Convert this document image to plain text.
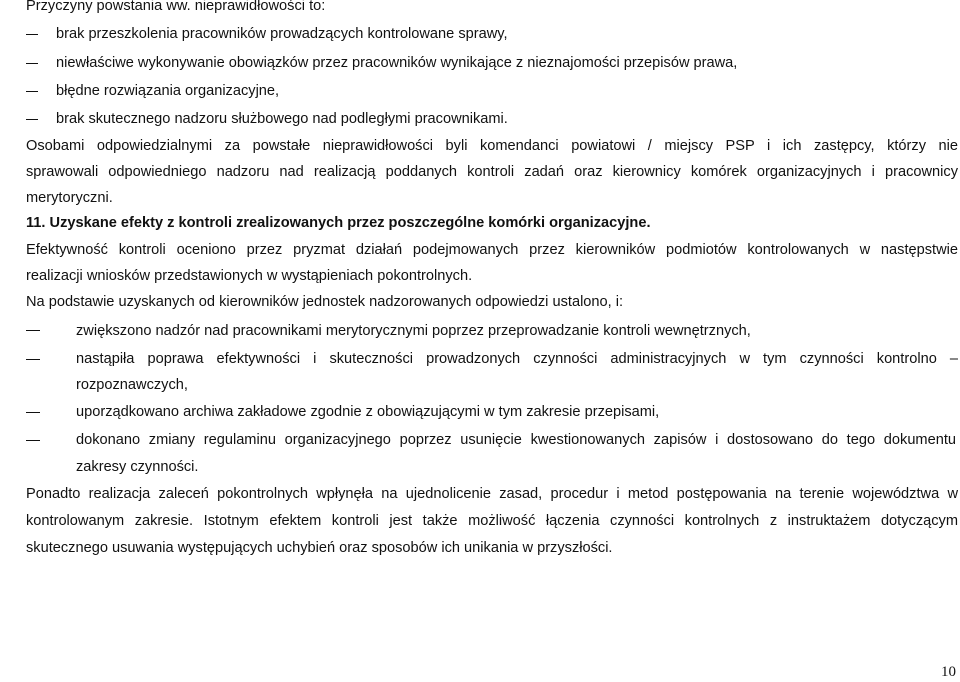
Przyczyny powstania ww. nieprawidłowości to:
brak przeszkolenia pracowników prowadzących kontrolowane sprawy,
niewłaściwe wykonywanie obowiązków przez pracowników wynikające z nieznajomości przepisów prawa,
błędne rozwiązania organizacyjne,
brak skutecznego nadzoru służbowego nad podległymi pracownikami.
Osobami odpowiedzialnymi za powstałe nieprawidłowości byli komendanci powiatowi / miejscy PSP i ich zastępcy, którzy nie
sprawowali odpowiedniego nadzoru nad realizacją poddanych kontroli zadań oraz kierownicy komórek organizacyjnych i pracownicy
merytoryczni.
11. Uzyskane efekty z kontroli zrealizowanych przez poszczególne komórki organizacyjne.
Efektywność kontroli oceniono przez pryzmat działań podejmowanych przez kierowników podmiotów kontrolowanych w następstwie
realizacji wniosków przedstawionych w wystąpieniach pokontrolnych.
Na podstawie uzyskanych od kierowników jednostek nadzorowanych odpowiedzi ustalono, i:
zwiększono nadzór nad pracownikami merytorycznymi poprzez przeprowadzanie kontroli wewnętrznych,
nastąpiła poprawa efektywności i skuteczności prowadzonych czynności administracyjnych w tym czynności kontrolno –
rozpoznawczych,
uporządkowano archiwa zakładowe zgodnie z obowiązującymi w tym zakresie przepisami,
dokonano zmiany regulaminu organizacyjnego poprzez usunięcie kwestionowanych zapisów i dostosowano do tego dokumentu
zakresy czynności.
Ponadto realizacja zaleceń pokontrolnych wpłynęła na ujednolicenie zasad, procedur i metod postępowania na terenie województwa w
kontrolowanym zakresie. Istotnym efektem kontroli jest także możliwość łączenia czynności kontrolnych z instruktażem dotyczącym
skutecznego usuwania występujących uchybień oraz sposobów ich unikania w przyszłości.
10
